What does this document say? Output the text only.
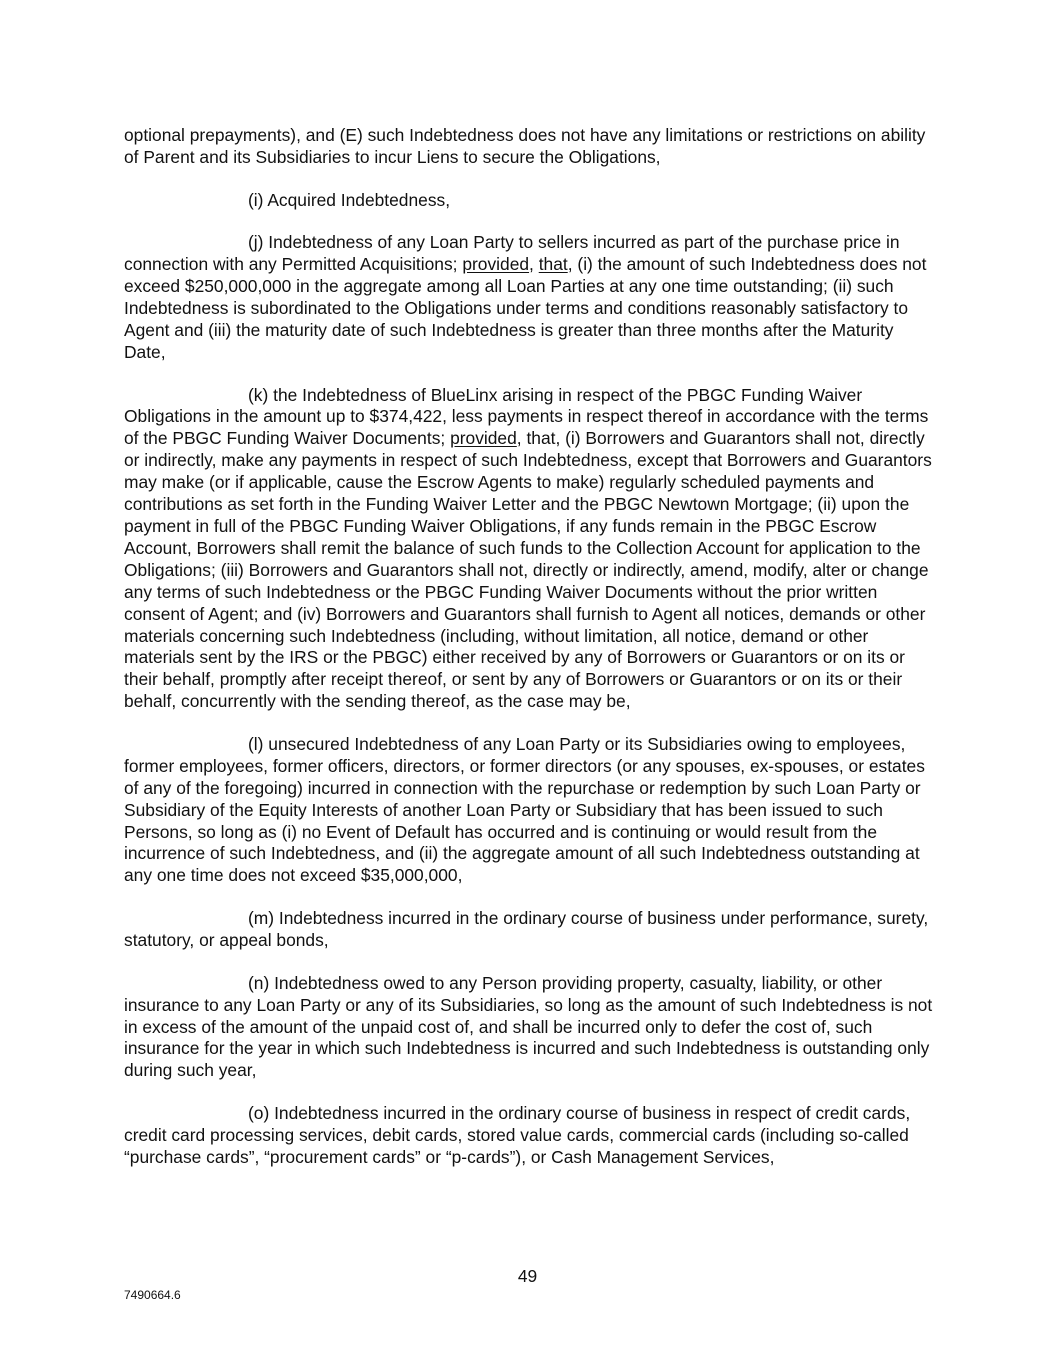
optional prepayments), and (E) such Indebtedness does not have any limitations or restrictions on ability of Parent and its Subsidiaries to incur Liens to secure the Obligations,

(i) Acquired Indebtedness,

(j) Indebtedness of any Loan Party to sellers incurred as part of the purchase price in connection with any Permitted Acquisitions; provided, that, (i) the amount of such Indebtedness does not exceed $250,000,000 in the aggregate among all Loan Parties at any one time outstanding; (ii) such Indebtedness is subordinated to the Obligations under terms and conditions reasonably satisfactory to Agent and (iii) the maturity date of such Indebtedness is greater than three months after the Maturity Date,

(k) the Indebtedness of BlueLinx arising in respect of the PBGC Funding Waiver Obligations in the amount up to $374,422, less payments in respect thereof in accordance with the terms of the PBGC Funding Waiver Documents; provided, that, (i) Borrowers and Guarantors shall not, directly or indirectly, make any payments in respect of such Indebtedness, except that Borrowers and Guarantors may make (or if applicable, cause the Escrow Agents to make) regularly scheduled payments and contributions as set forth in the Funding Waiver Letter and the PBGC Newtown Mortgage; (ii) upon the payment in full of the PBGC Funding Waiver Obligations, if any funds remain in the PBGC Escrow Account, Borrowers shall remit the balance of such funds to the Collection Account for application to the Obligations; (iii) Borrowers and Guarantors shall not, directly or indirectly, amend, modify, alter or change any terms of such Indebtedness or the PBGC Funding Waiver Documents without the prior written consent of Agent; and (iv) Borrowers and Guarantors shall furnish to Agent all notices, demands or other materials concerning such Indebtedness (including, without limitation, all notice, demand or other materials sent by the IRS or the PBGC) either received by any of Borrowers or Guarantors or on its or their behalf, promptly after receipt thereof, or sent by any of Borrowers or Guarantors or on its or their behalf, concurrently with the sending thereof, as the case may be,

(l) unsecured Indebtedness of any Loan Party or its Subsidiaries owing to employees, former employees, former officers, directors, or former directors (or any spouses, ex-spouses, or estates of any of the foregoing) incurred in connection with the repurchase or redemption by such Loan Party or Subsidiary of the Equity Interests of another Loan Party or Subsidiary that has been issued to such Persons, so long as (i) no Event of Default has occurred and is continuing or would result from the incurrence of such Indebtedness, and (ii) the aggregate amount of all such Indebtedness outstanding at any one time does not exceed $35,000,000,

(m) Indebtedness incurred in the ordinary course of business under performance, surety, statutory, or appeal bonds,

(n) Indebtedness owed to any Person providing property, casualty, liability, or other insurance to any Loan Party or any of its Subsidiaries, so long as the amount of such Indebtedness is not in excess of the amount of the unpaid cost of, and shall be incurred only to defer the cost of, such insurance for the year in which such Indebtedness is incurred and such Indebtedness is outstanding only during such year,

(o) Indebtedness incurred in the ordinary course of business in respect of credit cards, credit card processing services, debit cards, stored value cards, commercial cards (including so-called “purchase cards”, “procurement cards” or “p-cards”), or Cash Management Services,

49
7490664.6
